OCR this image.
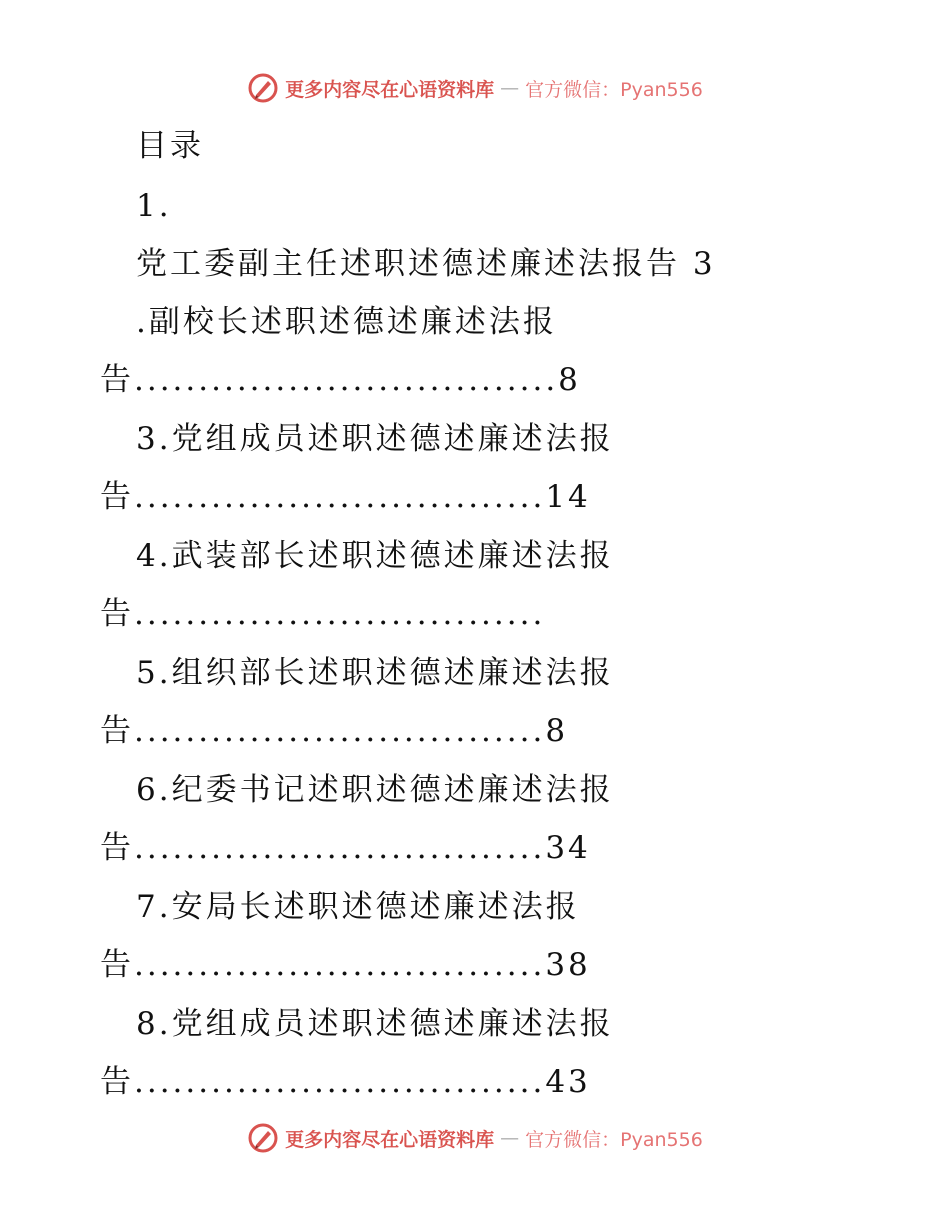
更多内容尽在心语资料库 — 官方微信：Pyan556
目录
1.
党工委副主任述职述德述廉述法报告 3
.副校长述职述德述廉述法报
告.................................8
3.党组成员述职述德述廉述法报
告................................14
4.武装部长述职述德述廉述法报
告................................
5.组织部长述职述德述廉述法报
告................................8
6.纪委书记述职述德述廉述法报
告................................34
7.安局长述职述德述廉述法报
告................................38
8.党组成员述职述德述廉述法报
告................................43
更多内容尽在心语资料库 — 官方微信：Pyan556
